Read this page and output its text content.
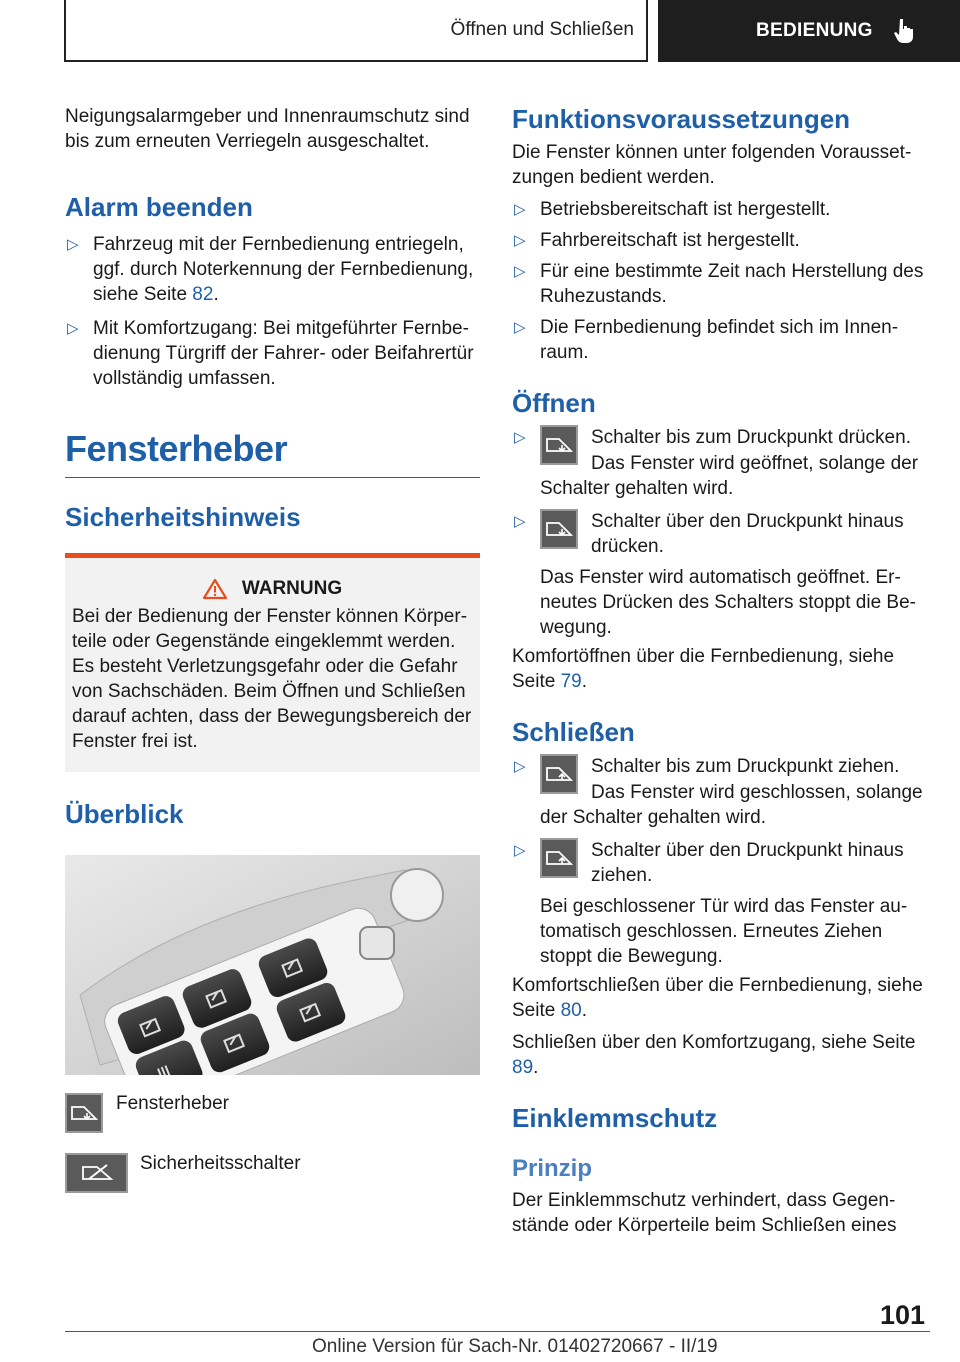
Öffnen und Schließen	BEDIENUNG

Neigungsalarmgeber und Innenraumschutz sind bis zum erneuten Verriegeln ausgeschaltet.

Alarm beenden
▷ Fahrzeug mit der Fernbedienung entriegeln, ggf. durch Noterkennung der Fernbedienung, siehe Seite 82.
▷ Mit Komfortzugang: Bei mitgeführter Fernbedienung Türgriff der Fahrer- oder Beifahrertür vollständig umfassen.
Fensterheber
Sicherheitshinweis
WARNUNG

Bei der Bedienung der Fenster können Körperteile oder Gegenstände eingeklemmt werden. Es besteht Verletzungsgefahr oder die Gefahr von Sachschäden. Beim Öffnen und Schließen darauf achten, dass der Bewegungsbereich der Fenster frei ist.

Überblick

Fensterheber

Sicherheitsschalter

Funktionsvoraussetzungen

Die Fenster können unter folgenden Voraussetzungen bedient werden.

▷ Betriebsbereitschaft ist hergestellt.
▷ Fahrbereitschaft ist hergestellt.
▷ Für eine bestimmte Zeit nach Herstellung des Ruhezustands.
▷ Die Fernbedienung befindet sich im Innenraum.
Öffnen
▷	Schalter bis zum Druckpunkt drücken.
Das Fenster wird geöffnet, solange der Schalter gehalten wird.
▷	Schalter über den Druckpunkt hinaus drücken.
Das Fenster wird automatisch geöffnet. Erneutes Drücken des Schalters stoppt die Bewegung.

Komfortöffnen über die Fernbedienung, siehe Seite 79.

Schließen
▷	Schalter bis zum Druckpunkt ziehen.
Das Fenster wird geschlossen, solange der Schalter gehalten wird.
▷	Schalter über den Druckpunkt hinaus ziehen.
Bei geschlossener Tür wird das Fenster automatisch geschlossen. Erneutes Ziehen stoppt die Bewegung.

Komfortschließen über die Fernbedienung, siehe Seite 80.

Schließen über den Komfortzugang, siehe Seite 89.

Einklemmschutz
Prinzip

Der Einklemmschutz verhindert, dass Gegenstände oder Körperteile beim Schließen eines

101
Online Version für Sach-Nr. 01402720667 - II/19
